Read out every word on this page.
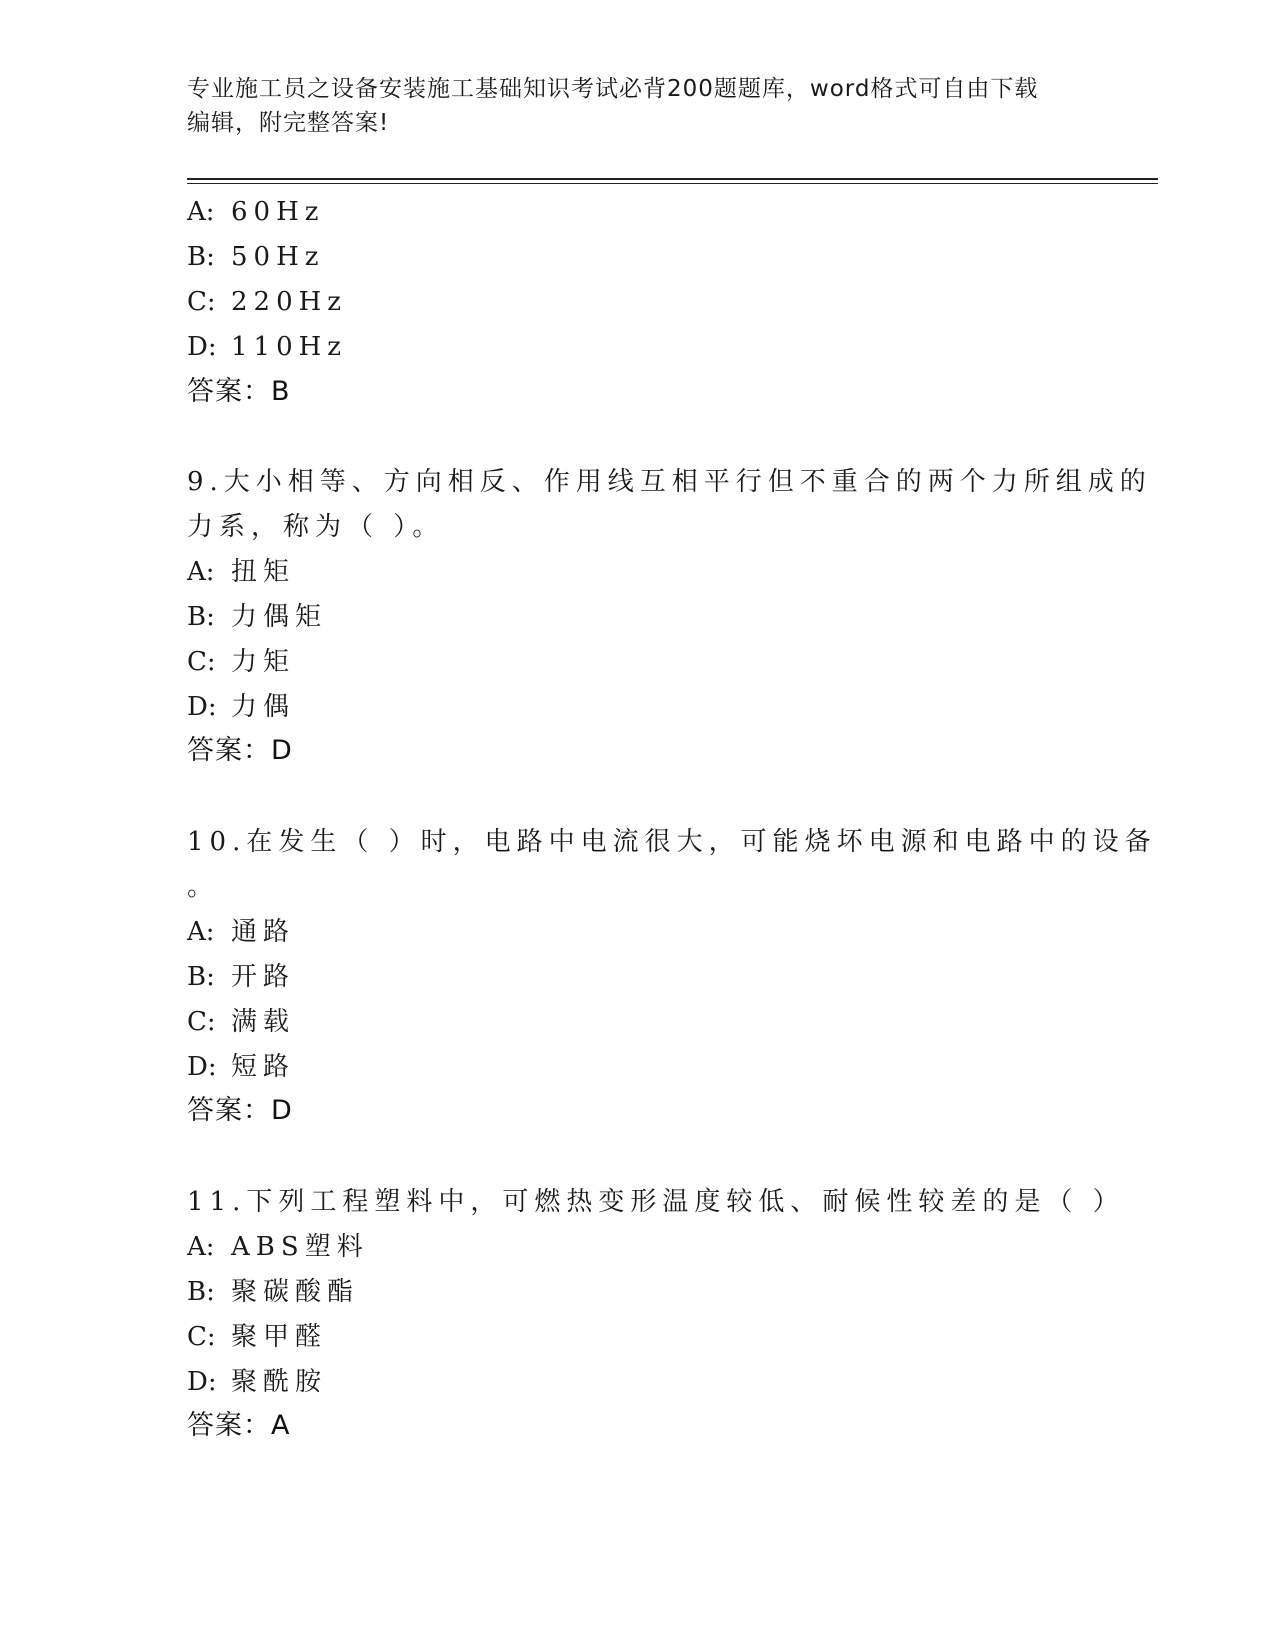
专业施工员之设备安装施工基础知识考试必背200题题库，word格式可自由下载
编辑，附完整答案!
A: 60Hz
B: 50Hz
C: 220Hz
D: 110Hz
答案：B
9.大小相等、方向相反、作用线互相平行但不重合的两个力所组成的
力系，称为（ ）。
A: 扭矩
B: 力偶矩
C: 力矩
D: 力偶
答案：D
10.在发生（ ）时，电路中电流很大，可能烧坏电源和电路中的设备
。
A: 通路
B: 开路
C: 满载
D: 短路
答案：D
11.下列工程塑料中，可燃热变形温度较低、耐候性较差的是（ ）
A: ABS塑料
B: 聚碳酸酯
C: 聚甲醛
D: 聚酰胺
答案：A
